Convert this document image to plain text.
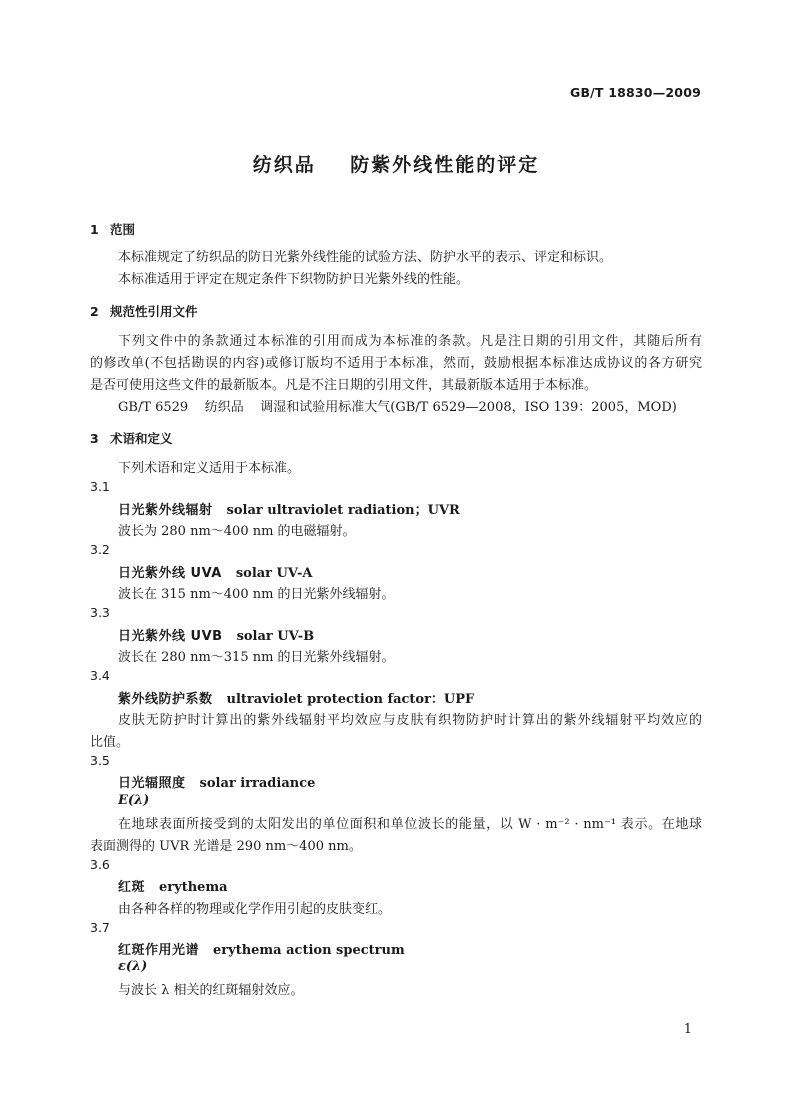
GB/T 18830—2009
纺织品    防紫外线性能的评定
1 范围
本标准规定了纺织品的防日光紫外线性能的试验方法、防护水平的表示、评定和标识。
本标准适用于评定在规定条件下织物防护日光紫外线的性能。
2 规范性引用文件
下列文件中的条款通过本标准的引用而成为本标准的条款。凡是注日期的引用文件，其随后所有
的修改单(不包括勘误的内容)或修订版均不适用于本标准，然而，鼓励根据本标准达成协议的各方研究
是否可使用这些文件的最新版本。凡是不注日期的引用文件，其最新版本适用于本标准。
GB/T 6529    纺织品    调湿和试验用标准大气(GB/T 6529—2008，ISO 139：2005，MOD)
3 术语和定义
下列术语和定义适用于本标准。
3.1
日光紫外线辐射 solar ultraviolet radiation；UVR
波长为 280 nm～400 nm 的电磁辐射。
3.2
日光紫外线 UVA solar UV-A
波长在 315 nm～400 nm 的日光紫外线辐射。
3.3
日光紫外线 UVB solar UV-B
波长在 280 nm～315 nm 的日光紫外线辐射。
3.4
紫外线防护系数 ultraviolet protection factor：UPF
皮肤无防护时计算出的紫外线辐射平均效应与皮肤有织物防护时计算出的紫外线辐射平均效应的
比值。
3.5
日光辐照度 solar irradiance
E(λ)
在地球表面所接受到的太阳发出的单位面积和单位波长的能量，以 W · m⁻² · nm⁻¹ 表示。在地球
表面测得的 UVR 光谱是 290 nm～400 nm。
3.6
红斑 erythema
由各种各样的物理或化学作用引起的皮肤变红。
3.7
红斑作用光谱 erythema action spectrum
ε(λ)
与波长 λ 相关的红斑辐射效应。
1
